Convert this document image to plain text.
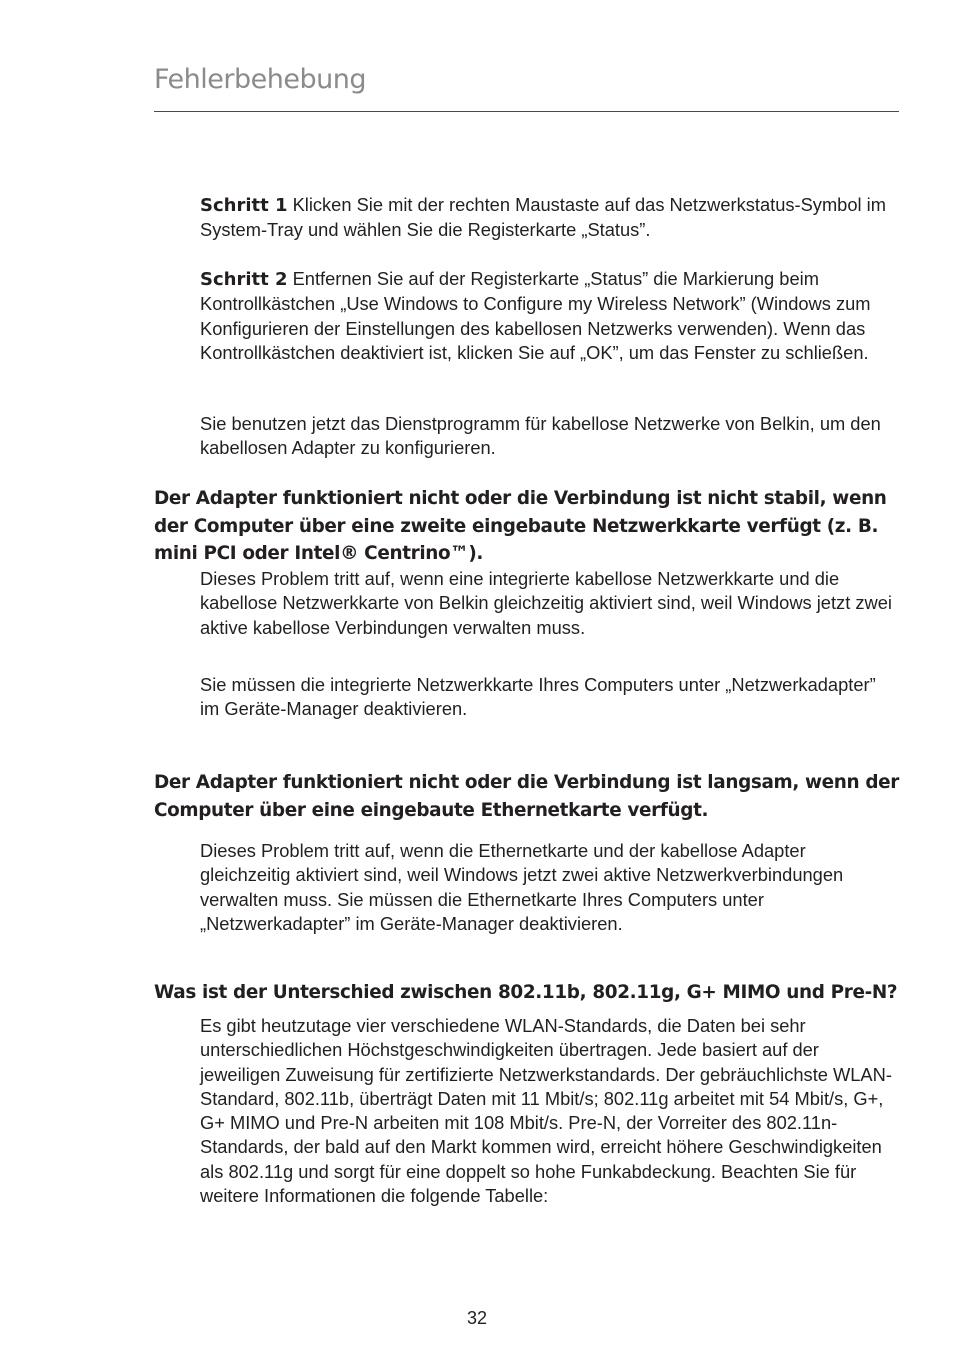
Fehlerbehebung

Schritt 1 Klicken Sie mit der rechten Maustaste auf das Netzwerkstatus-Symbol im System-Tray und wählen Sie die Registerkarte „Status”.

Schritt 2 Entfernen Sie auf der Registerkarte „Status” die Markierung beim Kontrollkästchen „Use Windows to Configure my Wireless Network” (Windows zum Konfigurieren der Einstellungen des kabellosen Netzwerks verwenden). Wenn das Kontrollkästchen deaktiviert ist, klicken Sie auf „OK”, um das Fenster zu schließen.

Sie benutzen jetzt das Dienstprogramm für kabellose Netzwerke von Belkin, um den kabellosen Adapter zu konfigurieren.

Der Adapter funktioniert nicht oder die Verbindung ist nicht stabil, wenn der Computer über eine zweite eingebaute Netzwerkkarte verfügt (z. B. mini PCI oder Intel® Centrino™).

Dieses Problem tritt auf, wenn eine integrierte kabellose Netzwerkkarte und die kabellose Netzwerkkarte von Belkin gleichzeitig aktiviert sind, weil Windows jetzt zwei aktive kabellose Verbindungen verwalten muss.

Sie müssen die integrierte Netzwerkkarte Ihres Computers unter „Netzwerkadapter” im Geräte-Manager deaktivieren.

Der Adapter funktioniert nicht oder die Verbindung ist langsam, wenn der Computer über eine eingebaute Ethernetkarte verfügt.

Dieses Problem tritt auf, wenn die Ethernetkarte und der kabellose Adapter gleichzeitig aktiviert sind, weil Windows jetzt zwei aktive Netzwerkverbindungen verwalten muss. Sie müssen die Ethernetkarte Ihres Computers unter „Netzwerkadapter” im Geräte-Manager deaktivieren.

Was ist der Unterschied zwischen 802.11b, 802.11g, G+ MIMO und Pre-N?

Es gibt heutzutage vier verschiedene WLAN-Standards, die Daten bei sehr unterschiedlichen Höchstgeschwindigkeiten übertragen. Jede basiert auf der jeweiligen Zuweisung für zertifizierte Netzwerkstandards. Der gebräuchlichste WLAN-Standard, 802.11b, überträgt Daten mit 11 Mbit/s; 802.11g arbeitet mit 54 Mbit/s, G+, G+ MIMO und Pre-N arbeiten mit 108 Mbit/s. Pre-N, der Vorreiter des 802.11n-Standards, der bald auf den Markt kommen wird, erreicht höhere Geschwindigkeiten als 802.11g und sorgt für eine doppelt so hohe Funkabdeckung. Beachten Sie für weitere Informationen die folgende Tabelle:

32
